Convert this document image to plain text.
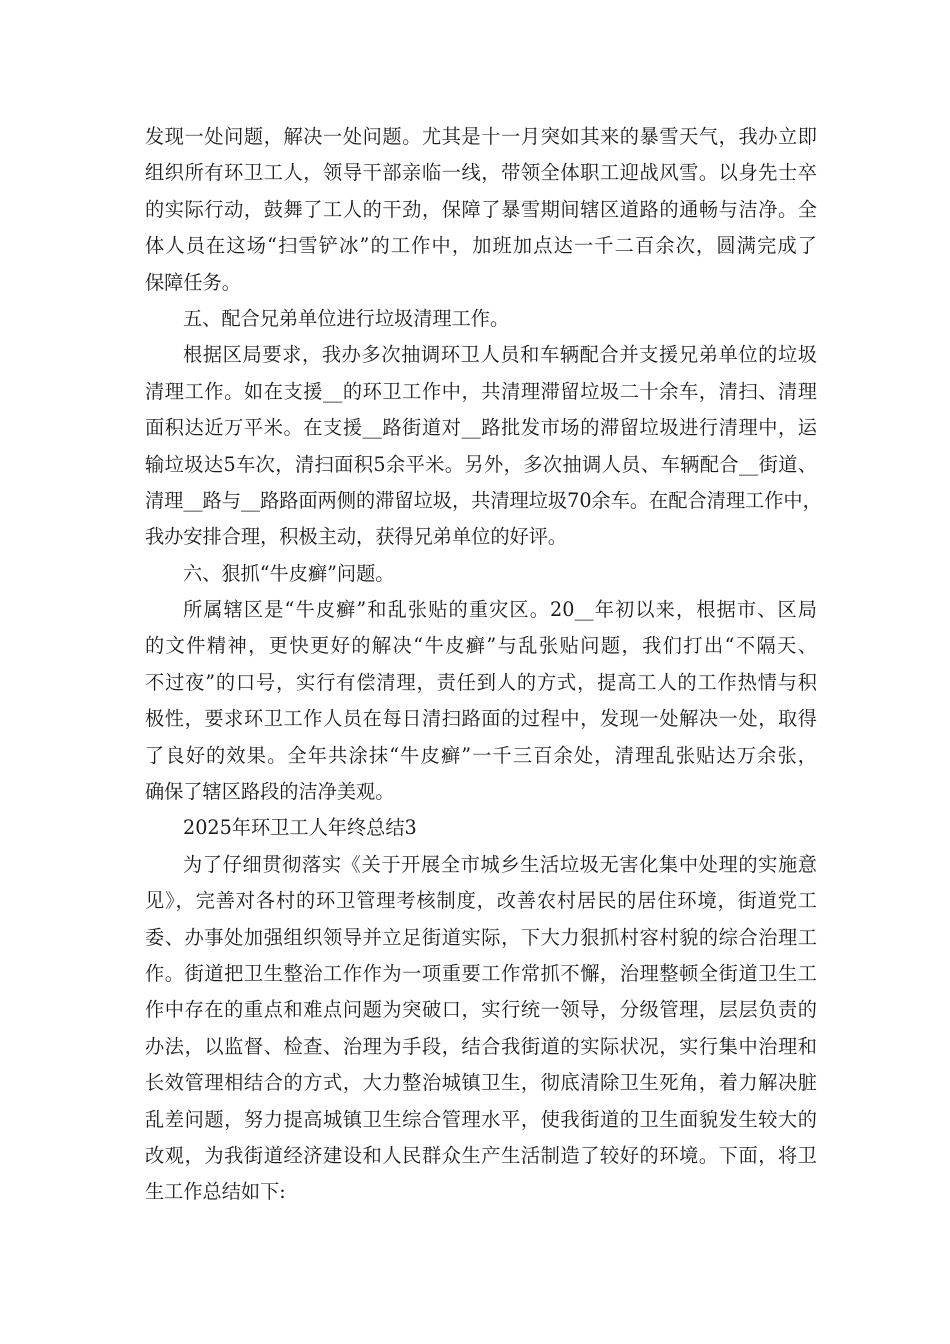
发现一处问题，解决一处问题。尤其是十一月突如其来的暴雪天气，我办立即
组织所有环卫工人，领导干部亲临一线，带领全体职工迎战风雪。以身先士卒
的实际行动，鼓舞了工人的干劲，保障了暴雪期间辖区道路的通畅与洁净。全
体人员在这场“扫雪铲冰”的工作中，加班加点达一千二百余次，圆满完成了
保障任务。
五、配合兄弟单位进行垃圾清理工作。
根据区局要求，我办多次抽调环卫人员和车辆配合并支援兄弟单位的垃圾
清理工作。如在支援__的环卫工作中，共清理滞留垃圾二十余车，清扫、清理
面积达近万平米。在支援__路街道对__路批发市场的滞留垃圾进行清理中，运
输垃圾达5车次，清扫面积5余平米。另外，多次抽调人员、车辆配合__街道、
清理__路与__路路面两侧的滞留垃圾，共清理垃圾70余车。在配合清理工作中，
我办安排合理，积极主动，获得兄弟单位的好评。
六、狠抓“牛皮癣”问题。
所属辖区是“牛皮癣”和乱张贴的重灾区。20__年初以来，根据市、区局
的文件精神，更快更好的解决“牛皮癣”与乱张贴问题，我们打出“不隔天、
不过夜”的口号，实行有偿清理，责任到人的方式，提高工人的工作热情与积
极性，要求环卫工作人员在每日清扫路面的过程中，发现一处解决一处，取得
了良好的效果。全年共涂抹“牛皮癣”一千三百余处，清理乱张贴达万余张，
确保了辖区路段的洁净美观。
2025年环卫工人年终总结3
为了仔细贯彻落实《关于开展全市城乡生活垃圾无害化集中处理的实施意
见》，完善对各村的环卫管理考核制度，改善农村居民的居住环境，街道党工
委、办事处加强组织领导并立足街道实际，下大力狠抓村容村貌的综合治理工
作。街道把卫生整治工作作为一项重要工作常抓不懈，治理整顿全街道卫生工
作中存在的重点和难点问题为突破口，实行统一领导，分级管理，层层负责的
办法，以监督、检查、治理为手段，结合我街道的实际状况，实行集中治理和
长效管理相结合的方式，大力整治城镇卫生，彻底清除卫生死角，着力解决脏
乱差问题，努力提高城镇卫生综合管理水平，使我街道的卫生面貌发生较大的
改观，为我街道经济建设和人民群众生产生活制造了较好的环境。下面，将卫
生工作总结如下:
